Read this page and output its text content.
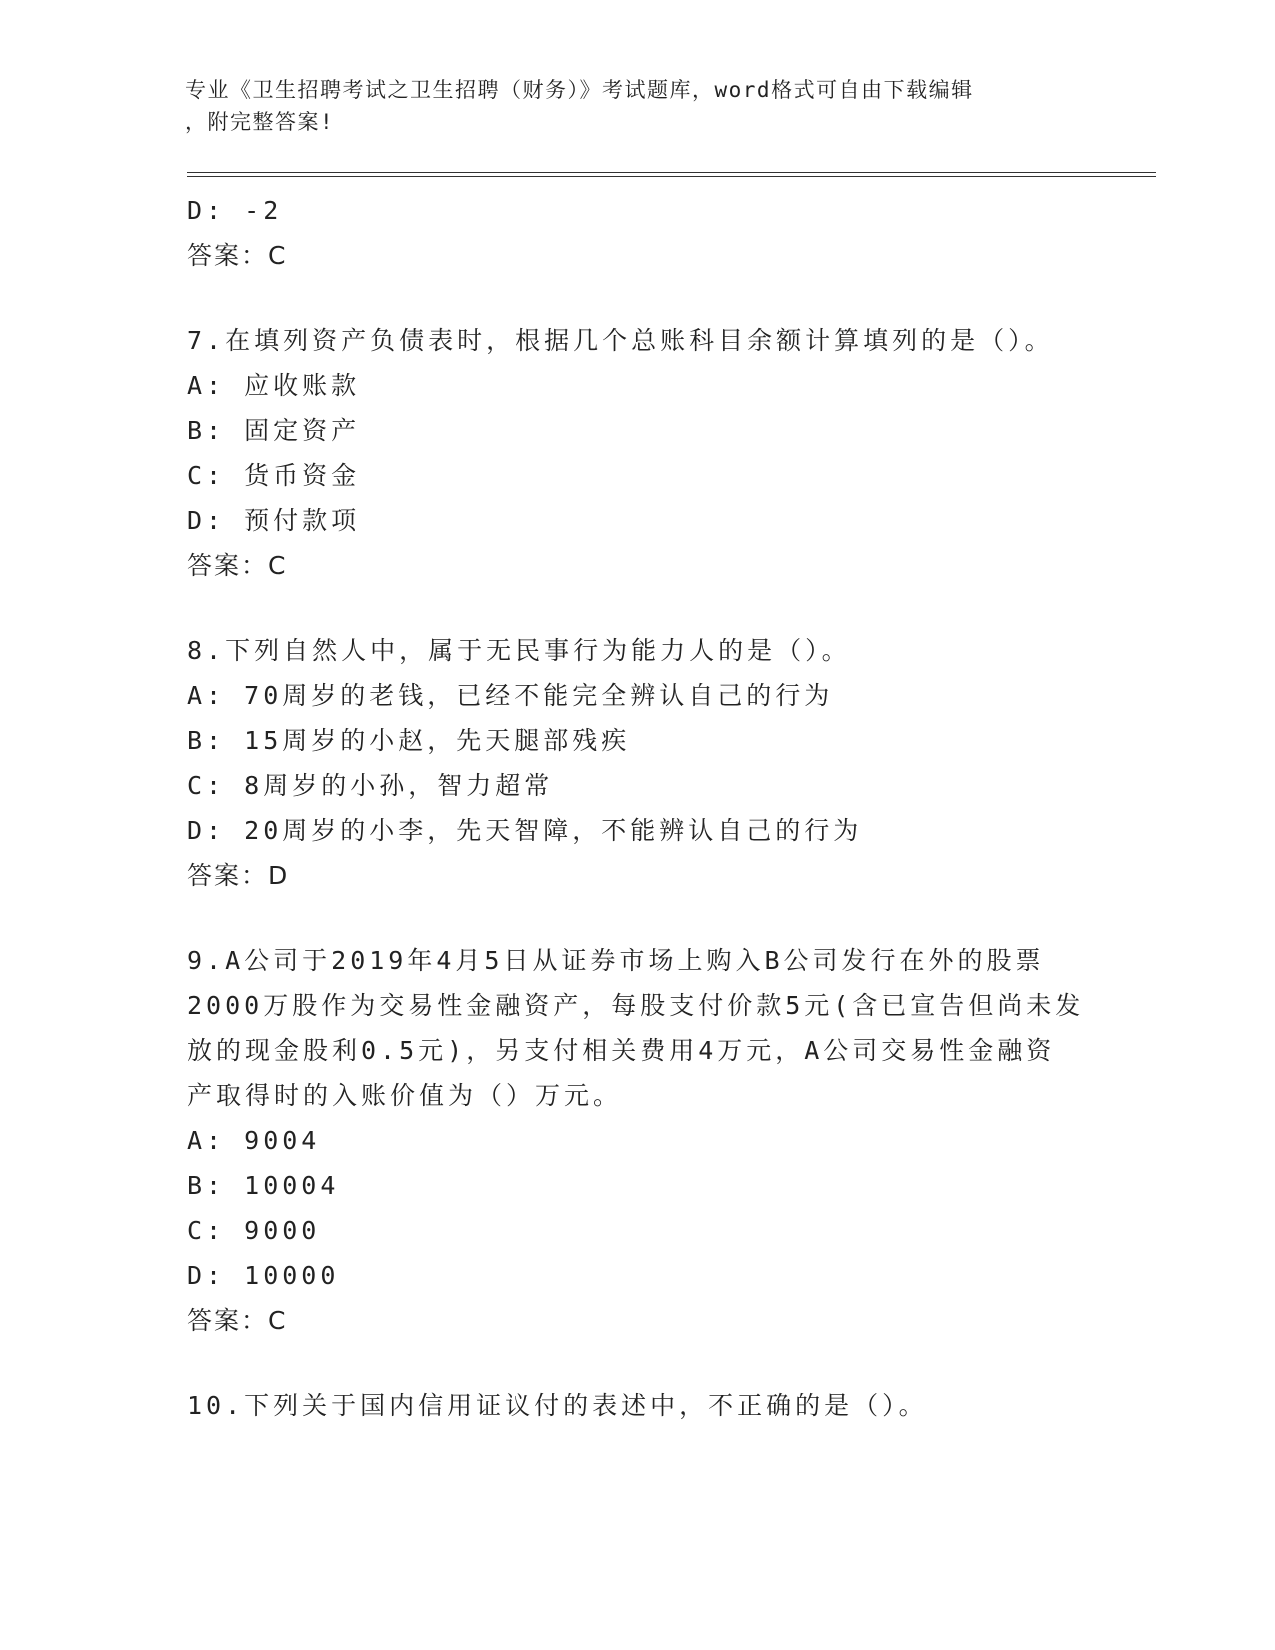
专业《卫生招聘考试之卫生招聘（财务）》考试题库，word格式可自由下载编辑
，附完整答案!
D: -2
答案：C
7.在填列资产负债表时，根据几个总账科目余额计算填列的是（）。
A: 应收账款
B: 固定资产
C: 货币资金
D: 预付款项
答案：C
8.下列自然人中，属于无民事行为能力人的是（）。
A: 70周岁的老钱，已经不能完全辨认自己的行为
B: 15周岁的小赵，先天腿部残疾
C: 8周岁的小孙，智力超常
D: 20周岁的小李，先天智障，不能辨认自己的行为
答案：D
9.A公司于2019年4月5日从证券市场上购入B公司发行在外的股票
2000万股作为交易性金融资产，每股支付价款5元(含已宣告但尚未发
放的现金股利0.5元)，另支付相关费用4万元，A公司交易性金融资
产取得时的入账价值为（）万元。
A: 9004
B: 10004
C: 9000
D: 10000
答案：C
10.下列关于国内信用证议付的表述中，不正确的是（）。
